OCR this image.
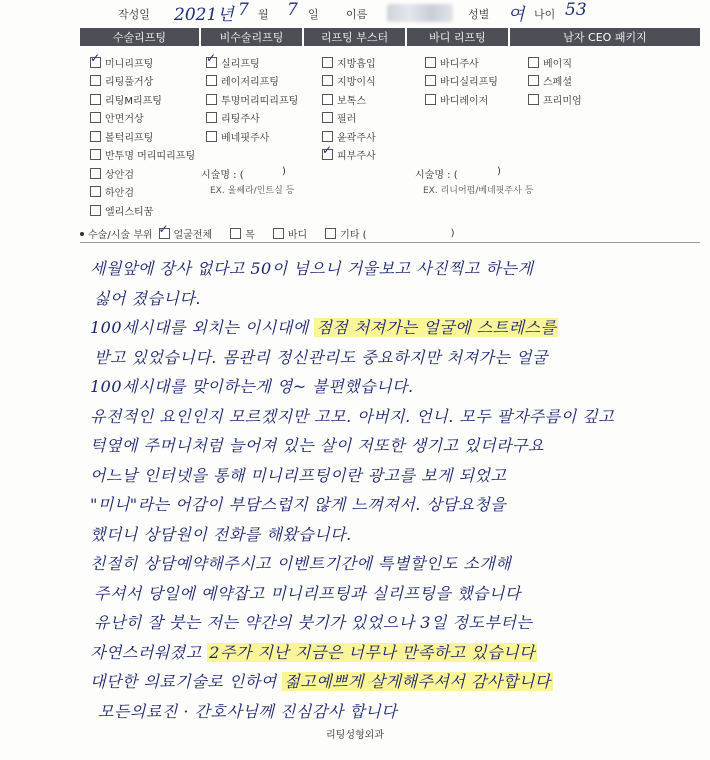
작성일 2021년 7 월 7 일 이름	성별 여 나이 53
수술리프팅	비수술리프팅	리프팅 부스터	바디 리프팅	남자 CEO 패키지
✓
미니리프팅
리팅풀거상
리팅M리프팅
안면거상
볼턱리프팅
반투명 머리띠리프팅
상안검
하안검
엘리스티꿈
✓
실리프팅
레이저리프팅
투명머리띠리프팅
리팅주사
베네핏주사
지방흡입
지방이식
보톡스
필러
윤곽주사
✓
피부주사
바디주사
바디실리프팅
바디레이저
베이직
스페셜
프리미엄
시술명 : (	)
EX. 울쎄라/인트실 등
시술명 : (	)
EX. 리니어펌/베네핏주사 등
수술/시술 부위
✓ 얼굴전체	목	바디	기타 (	)
세월앞에 장사 없다고 50이 넘으니 거울보고 사진찍고 하는게
싫어 졌습니다.
100세시대를 외치는 이시대에 점점 처져가는 얼굴에 스트레스를
받고 있었습니다. 몸관리 정신관리도 중요하지만 처져가는 얼굴
100세시대를 맞이하는게 영~ 불편했습니다.
유전적인 요인인지 모르겠지만 고모. 아버지. 언니. 모두 팔자주름이 깊고
턱옆에 주머니처럼 늘어져 있는 살이 저또한 생기고 있더라구요
어느날 인터넷을 통해 미니리프팅이란 광고를 보게 되었고
"미니"라는 어감이 부담스럽지 않게 느껴져서. 상담요청을
했더니 상담원이 전화를 해왔습니다.
친절히 상담예약해주시고 이벤트기간에 특별할인도 소개해
주셔서 당일에 예약잡고 미니리프팅과 실리프팅을 했습니다
유난히 잘 붓는 저는 약간의 붓기가 있었으나 3일 정도부터는
자연스러워졌고 2주가 지난 지금은 너무나 만족하고 있습니다
대단한 의료기술로 인하여 젊고예쁘게 살게해주셔서 감사합니다
모든의료진 · 간호사님께 진심감사 합니다
리팅성형외과
